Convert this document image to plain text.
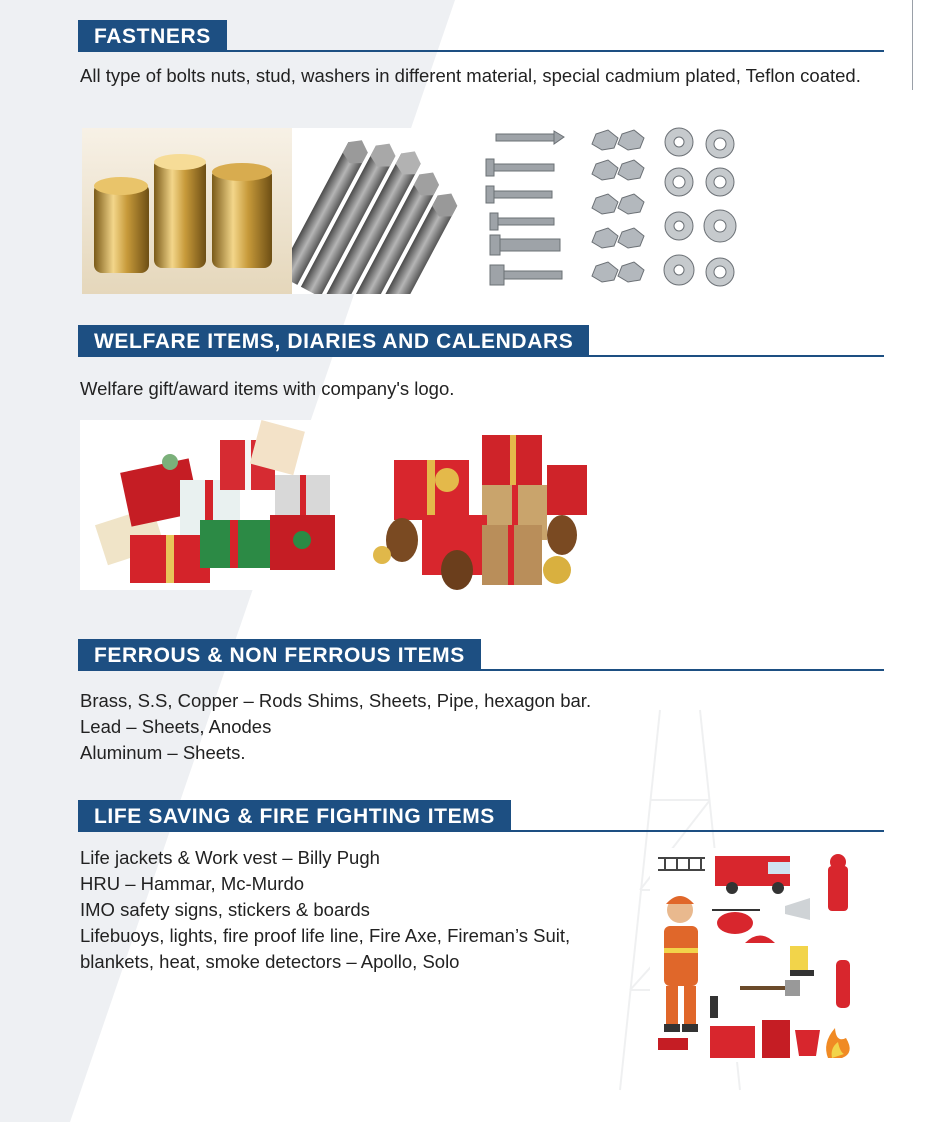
FASTNERS
All type of bolts nuts, stud, washers in different material, special cadmium plated, Teflon coated.
WELFARE ITEMS, DIARIES AND CALENDARS
Welfare gift/award items with company's logo.
FERROUS & NON FERROUS ITEMS
Brass, S.S, Copper – Rods Shims, Sheets, Pipe, hexagon bar.
Lead – Sheets, Anodes
Aluminum – Sheets.
LIFE SAVING & FIRE FIGHTING ITEMS
Life jackets & Work vest – Billy Pugh
HRU – Hammar, Mc-Murdo
IMO safety signs, stickers & boards
Lifebuoys, lights, fire proof life line, Fire Axe, Fireman’s Suit,
blankets, heat, smoke detectors – Apollo, Solo
